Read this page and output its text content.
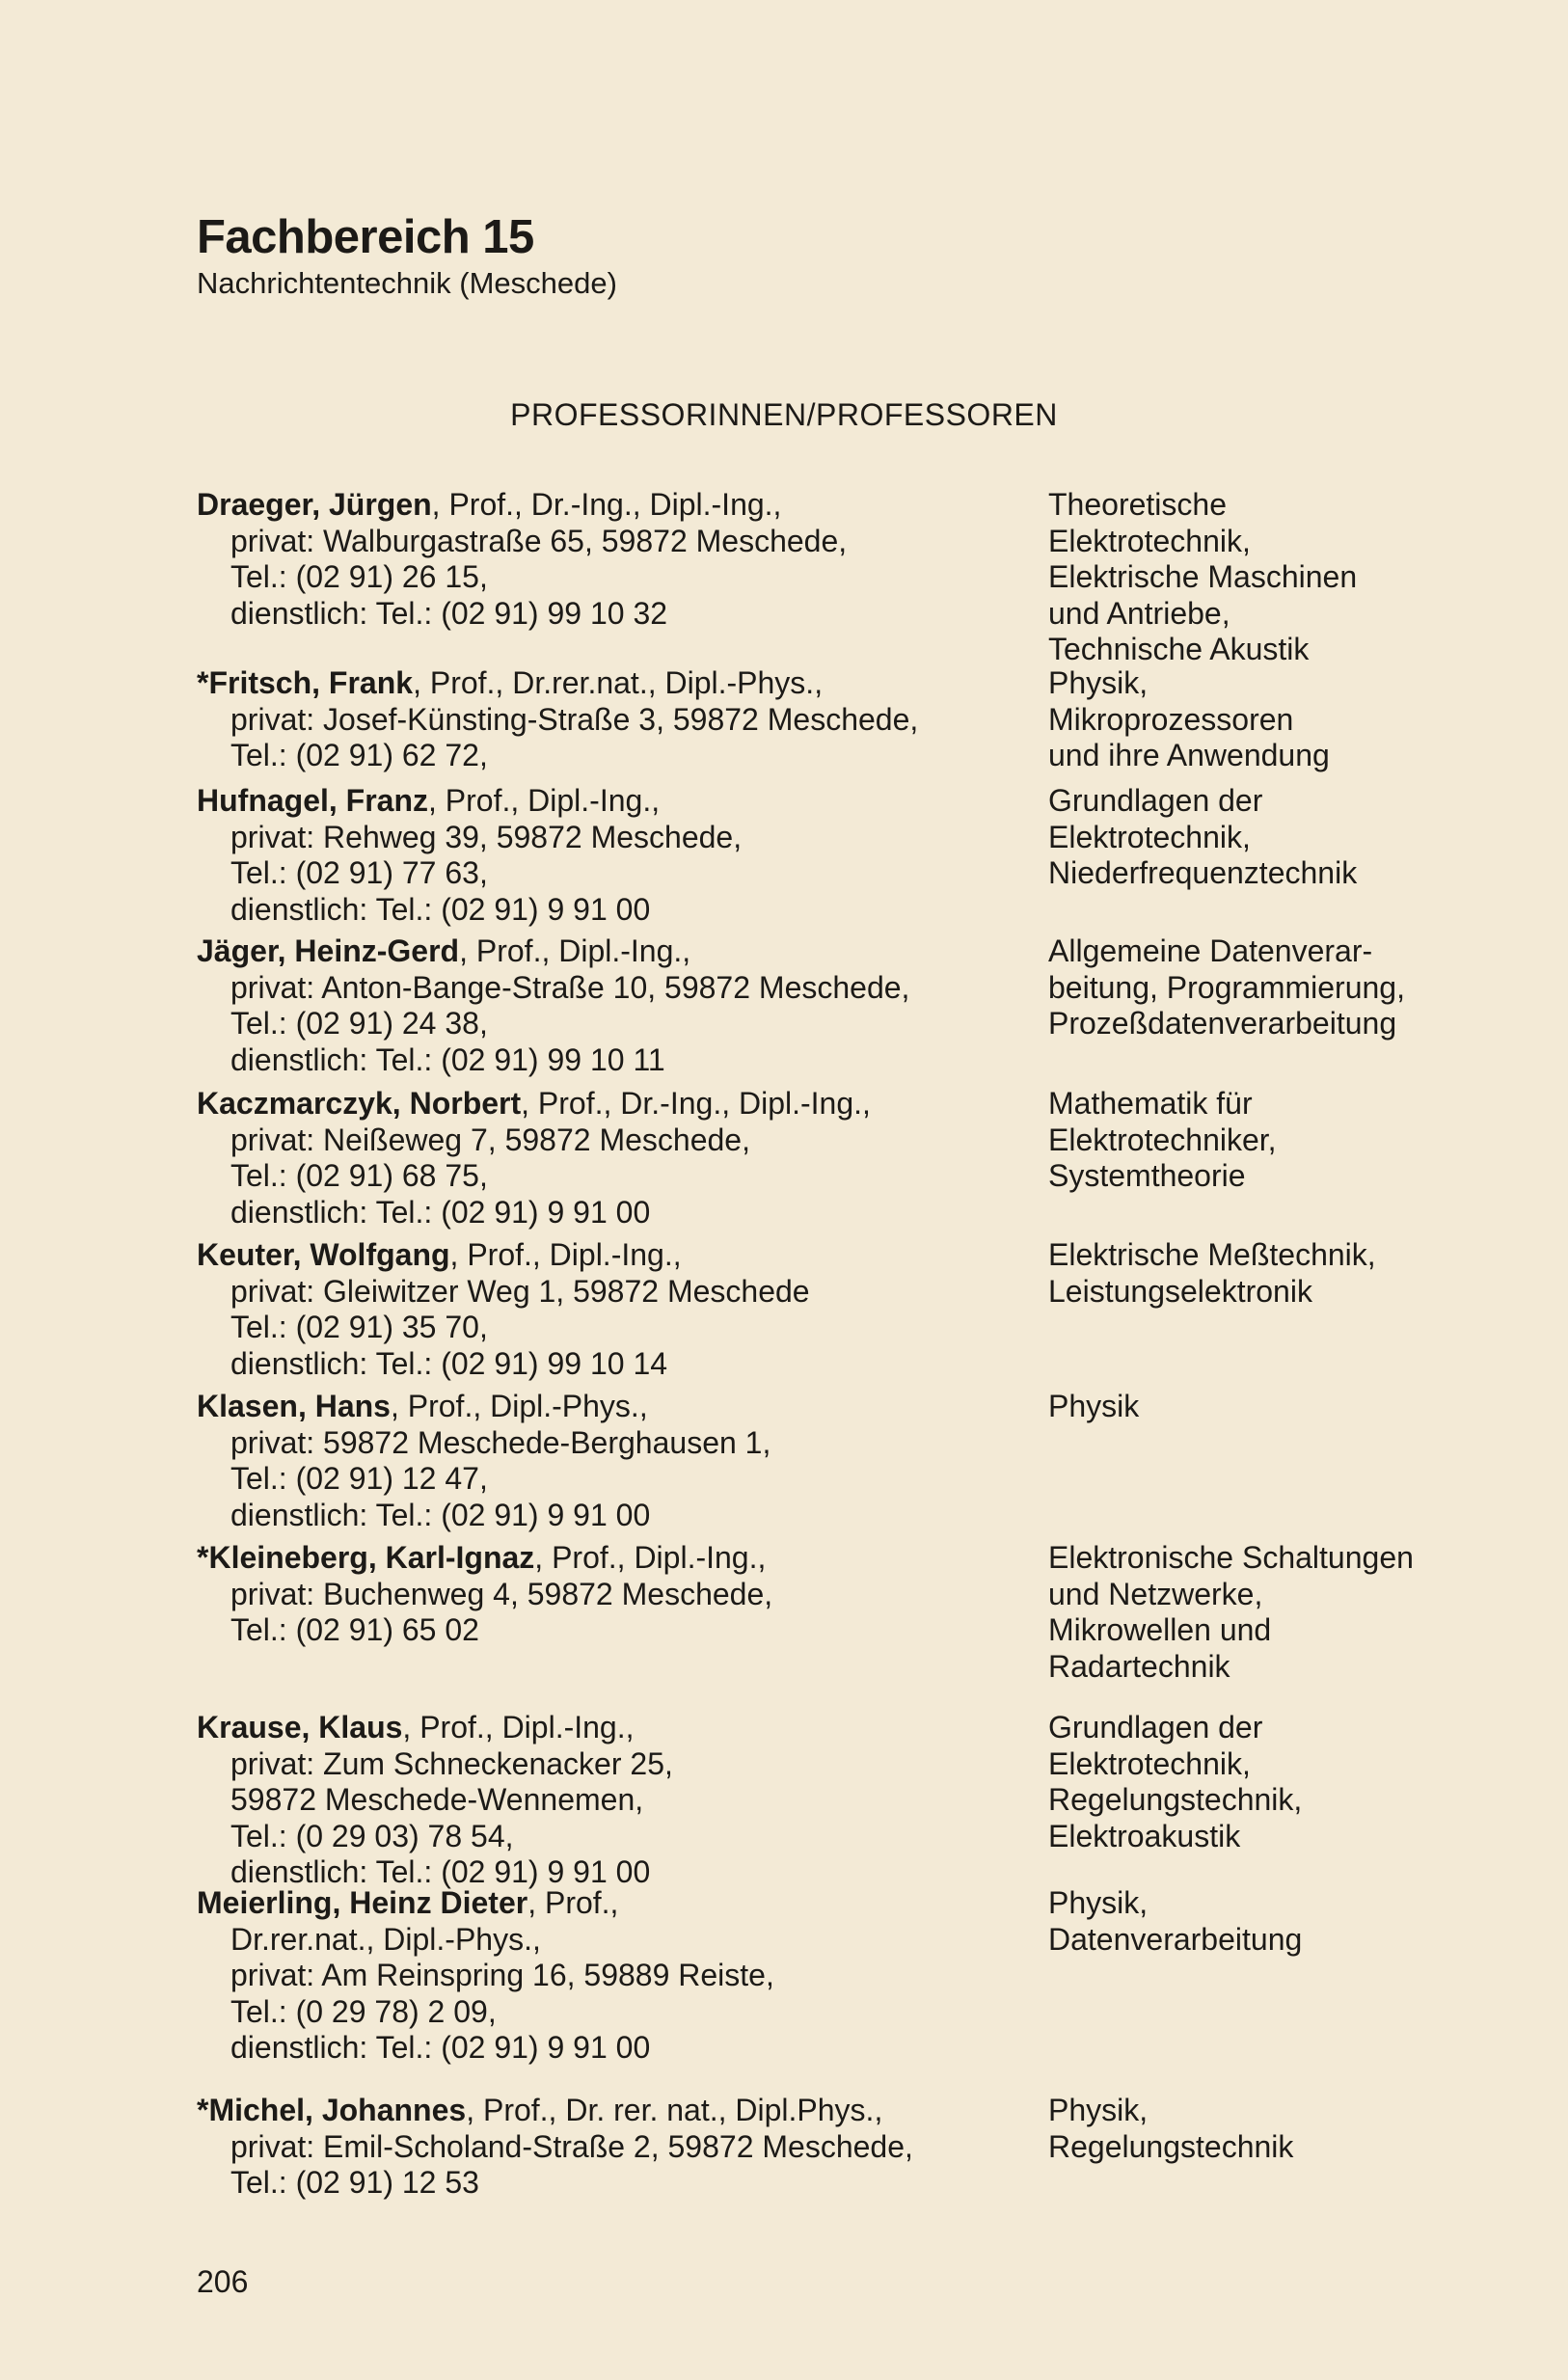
Fachbereich 15
Nachrichtentechnik (Meschede)
PROFESSORINNEN/PROFESSOREN
Draeger, Jürgen, Prof., Dr.-Ing., Dipl.-Ing.,
privat: Walburgastraße 65, 59872 Meschede,
Tel.: (02 91) 26 15,
dienstlich: Tel.: (02 91) 99 10 32
Theoretische
Elektrotechnik,
Elektrische Maschinen
und Antriebe,
Technische Akustik
*Fritsch, Frank, Prof., Dr.rer.nat., Dipl.-Phys.,
privat: Josef-Künsting-Straße 3, 59872 Meschede,
Tel.: (02 91) 62 72,
Physik,
Mikroprozessoren
und ihre Anwendung
Hufnagel, Franz, Prof., Dipl.-Ing.,
privat: Rehweg 39, 59872 Meschede,
Tel.: (02 91) 77 63,
dienstlich: Tel.: (02 91) 9 91 00
Grundlagen der
Elektrotechnik,
Niederfrequenztechnik
Jäger, Heinz-Gerd, Prof., Dipl.-Ing.,
privat: Anton-Bange-Straße 10, 59872 Meschede,
Tel.: (02 91) 24 38,
dienstlich: Tel.: (02 91) 99 10 11
Allgemeine Datenverar-
beitung, Programmierung,
Prozeßdatenverarbeitung
Kaczmarczyk, Norbert, Prof., Dr.-Ing., Dipl.-Ing.,
privat: Neißeweg 7, 59872 Meschede,
Tel.: (02 91) 68 75,
dienstlich: Tel.: (02 91) 9 91 00
Mathematik für
Elektrotechniker,
Systemtheorie
Keuter, Wolfgang, Prof., Dipl.-Ing.,
privat: Gleiwitzer Weg 1, 59872 Meschede
Tel.: (02 91) 35 70,
dienstlich: Tel.: (02 91) 99 10 14
Elektrische Meßtechnik,
Leistungselektronik
Klasen, Hans, Prof., Dipl.-Phys.,
privat: 59872 Meschede-Berghausen 1,
Tel.: (02 91) 12 47,
dienstlich: Tel.: (02 91) 9 91 00
Physik
*Kleineberg, Karl-Ignaz, Prof., Dipl.-Ing.,
privat: Buchenweg 4, 59872 Meschede,
Tel.: (02 91) 65 02
Elektronische Schaltungen
und Netzwerke,
Mikrowellen und
Radartechnik
Krause, Klaus, Prof., Dipl.-Ing.,
privat: Zum Schneckenacker 25,
59872 Meschede-Wennemen,
Tel.: (0 29 03) 78 54,
dienstlich: Tel.: (02 91) 9 91 00
Grundlagen der
Elektrotechnik,
Regelungstechnik,
Elektroakustik
Meierling, Heinz Dieter, Prof.,
Dr.rer.nat., Dipl.-Phys.,
privat: Am Reinspring 16, 59889 Reiste,
Tel.: (0 29 78) 2 09,
dienstlich: Tel.: (02 91) 9 91 00
Physik,
Datenverarbeitung
*Michel, Johannes, Prof., Dr. rer. nat., Dipl.Phys.,
privat: Emil-Scholand-Straße 2, 59872 Meschede,
Tel.: (02 91) 12 53
Physik,
Regelungstechnik
206
